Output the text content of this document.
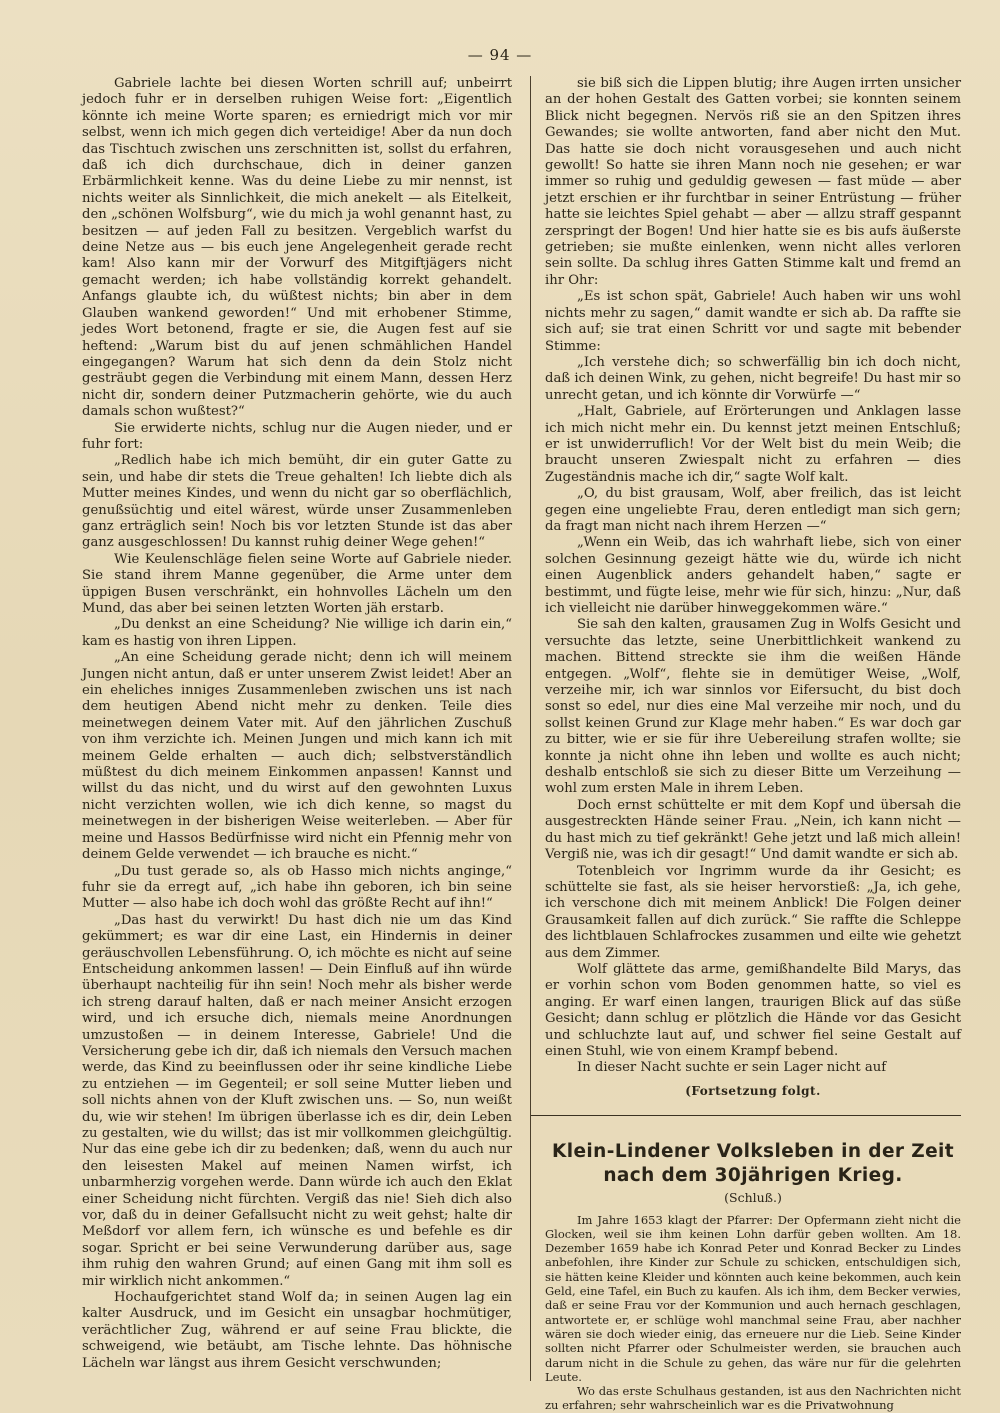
— 94 —

Gabriele lachte bei diesen Worten schrill auf; unbeirrt jedoch fuhr er in derselben ruhigen Weise fort: „Eigentlich könnte ich meine Worte sparen; es erniedrigt mich vor mir selbst, wenn ich mich gegen dich verteidige! Aber da nun doch das Tischtuch zwischen uns zerschnitten ist, sollst du erfahren, daß ich dich durchschaue, dich in deiner ganzen Erbärmlichkeit kenne. Was du deine Liebe zu mir nennst, ist nichts weiter als Sinnlichkeit, die mich anekelt — als Eitelkeit, den „schönen Wolfsburg“, wie du mich ja wohl genannt hast, zu besitzen — auf jeden Fall zu besitzen. Vergeblich warfst du deine Netze aus — bis euch jene Angelegenheit gerade recht kam! Also kann mir der Vorwurf des Mitgiftjägers nicht gemacht werden; ich habe vollständig korrekt gehandelt. Anfangs glaubte ich, du wüßtest nichts; bin aber in dem Glauben wankend geworden!“ Und mit erhobener Stimme, jedes Wort betonend, fragte er sie, die Augen fest auf sie heftend: „Warum bist du auf jenen schmählichen Handel eingegangen? Warum hat sich denn da dein Stolz nicht gesträubt gegen die Verbindung mit einem Mann, dessen Herz nicht dir, sondern deiner Putzmacherin gehörte, wie du auch damals schon wußtest?“

Sie erwiderte nichts, schlug nur die Augen nieder, und er fuhr fort:

„Redlich habe ich mich bemüht, dir ein guter Gatte zu sein, und habe dir stets die Treue gehalten! Ich liebte dich als Mutter meines Kindes, und wenn du nicht gar so oberflächlich, genußsüchtig und eitel wärest, würde unser Zusammenleben ganz erträglich sein! Noch bis vor letzten Stunde ist das aber ganz ausgeschlossen! Du kannst ruhig deiner Wege gehen!“

Wie Keulenschläge fielen seine Worte auf Gabriele nieder. Sie stand ihrem Manne gegenüber, die Arme unter dem üppigen Busen verschränkt, ein hohnvolles Lächeln um den Mund, das aber bei seinen letzten Worten jäh erstarb.

„Du denkst an eine Scheidung? Nie willige ich darin ein,“ kam es hastig von ihren Lippen.

„An eine Scheidung gerade nicht; denn ich will meinem Jungen nicht antun, daß er unter unserem Zwist leidet! Aber an ein eheliches inniges Zusammenleben zwischen uns ist nach dem heutigen Abend nicht mehr zu denken. Teile dies meinetwegen deinem Vater mit. Auf den jährlichen Zuschuß von ihm verzichte ich. Meinen Jungen und mich kann ich mit meinem Gelde erhalten — auch dich; selbstverständlich müßtest du dich meinem Einkommen anpassen! Kannst und willst du das nicht, und du wirst auf den gewohnten Luxus nicht verzichten wollen, wie ich dich kenne, so magst du meinetwegen in der bisherigen Weise weiterleben. — Aber für meine und Hassos Bedürfnisse wird nicht ein Pfennig mehr von deinem Gelde verwendet — ich brauche es nicht.“

„Du tust gerade so, als ob Hasso mich nichts anginge,“ fuhr sie da erregt auf, „ich habe ihn geboren, ich bin seine Mutter — also habe ich doch wohl das größte Recht auf ihn!“

„Das hast du verwirkt! Du hast dich nie um das Kind gekümmert; es war dir eine Last, ein Hindernis in deiner geräuschvollen Lebensführung. O, ich möchte es nicht auf seine Entscheidung ankommen lassen! — Dein Einfluß auf ihn würde überhaupt nachteilig für ihn sein! Noch mehr als bisher werde ich streng darauf halten, daß er nach meiner Ansicht erzogen wird, und ich ersuche dich, niemals meine Anordnungen umzustoßen — in deinem Interesse, Gabriele! Und die Versicherung gebe ich dir, daß ich niemals den Versuch machen werde, das Kind zu beeinflussen oder ihr seine kindliche Liebe zu entziehen — im Gegenteil; er soll seine Mutter lieben und soll nichts ahnen von der Kluft zwischen uns. — So, nun weißt du, wie wir stehen! Im übrigen überlasse ich es dir, dein Leben zu gestalten, wie du willst; das ist mir vollkommen gleichgültig. Nur das eine gebe ich dir zu bedenken; daß, wenn du auch nur den leisesten Makel auf meinen Namen wirfst, ich unbarmherzig vorgehen werde. Dann würde ich auch den Eklat einer Scheidung nicht fürchten. Vergiß das nie! Sieh dich also vor, daß du in deiner Gefallsucht nicht zu weit gehst; halte dir Meßdorf vor allem fern, ich wünsche es und befehle es dir sogar. Spricht er bei seine Verwunderung darüber aus, sage ihm ruhig den wahren Grund; auf einen Gang mit ihm soll es mir wirklich nicht ankommen.“

Hochaufgerichtet stand Wolf da; in seinen Augen lag ein kalter Ausdruck, und im Gesicht ein unsagbar hochmütiger, verächtlicher Zug, während er auf seine Frau blickte, die schweigend, wie betäubt, am Tische lehnte. Das höhnische Lächeln war längst aus ihrem Gesicht verschwunden;

sie biß sich die Lippen blutig; ihre Augen irrten unsicher an der hohen Gestalt des Gatten vorbei; sie konnten seinem Blick nicht begegnen. Nervös riß sie an den Spitzen ihres Gewandes; sie wollte antworten, fand aber nicht den Mut. Das hatte sie doch nicht vorausgesehen und auch nicht gewollt! So hatte sie ihren Mann noch nie gesehen; er war immer so ruhig und geduldig gewesen — fast müde — aber jetzt erschien er ihr furchtbar in seiner Entrüstung — früher hatte sie leichtes Spiel gehabt — aber — allzu straff gespannt zerspringt der Bogen! Und hier hatte sie es bis aufs äußerste getrieben; sie mußte einlenken, wenn nicht alles verloren sein sollte. Da schlug ihres Gatten Stimme kalt und fremd an ihr Ohr:

„Es ist schon spät, Gabriele! Auch haben wir uns wohl nichts mehr zu sagen,“ damit wandte er sich ab. Da raffte sie sich auf; sie trat einen Schritt vor und sagte mit bebender Stimme:

„Ich verstehe dich; so schwerfällig bin ich doch nicht, daß ich deinen Wink, zu gehen, nicht begreife! Du hast mir so unrecht getan, und ich könnte dir Vorwürfe —“

„Halt, Gabriele, auf Erörterungen und Anklagen lasse ich mich nicht mehr ein. Du kennst jetzt meinen Entschluß; er ist unwiderruflich! Vor der Welt bist du mein Weib; die braucht unseren Zwiespalt nicht zu erfahren — dies Zugeständnis mache ich dir,“ sagte Wolf kalt.

„O, du bist grausam, Wolf, aber freilich, das ist leicht gegen eine ungeliebte Frau, deren entledigt man sich gern; da fragt man nicht nach ihrem Herzen —“

„Wenn ein Weib, das ich wahrhaft liebe, sich von einer solchen Gesinnung gezeigt hätte wie du, würde ich nicht einen Augenblick anders gehandelt haben,“ sagte er bestimmt, und fügte leise, mehr wie für sich, hinzu: „Nur, daß ich vielleicht nie darüber hinweggekommen wäre.“

Sie sah den kalten, grausamen Zug in Wolfs Gesicht und versuchte das letzte, seine Unerbittlichkeit wankend zu machen. Bittend streckte sie ihm die weißen Hände entgegen. „Wolf“, flehte sie in demütiger Weise, „Wolf, verzeihe mir, ich war sinnlos vor Eifersucht, du bist doch sonst so edel, nur dies eine Mal verzeihe mir noch, und du sollst keinen Grund zur Klage mehr haben.“ Es war doch gar zu bitter, wie er sie für ihre Uebereilung strafen wollte; sie konnte ja nicht ohne ihn leben und wollte es auch nicht; deshalb entschloß sie sich zu dieser Bitte um Verzeihung — wohl zum ersten Male in ihrem Leben.

Doch ernst schüttelte er mit dem Kopf und übersah die ausgestreckten Hände seiner Frau. „Nein, ich kann nicht — du hast mich zu tief gekränkt! Gehe jetzt und laß mich allein! Vergiß nie, was ich dir gesagt!“ Und damit wandte er sich ab.

Totenbleich vor Ingrimm wurde da ihr Gesicht; es schüttelte sie fast, als sie heiser hervorstieß: „Ja, ich gehe, ich verschone dich mit meinem Anblick! Die Folgen deiner Grausamkeit fallen auf dich zurück.“ Sie raffte die Schleppe des lichtblauen Schlafrockes zusammen und eilte wie gehetzt aus dem Zimmer.

Wolf glättete das arme, gemißhandelte Bild Marys, das er vorhin schon vom Boden genommen hatte, so viel es anging. Er warf einen langen, traurigen Blick auf das süße Gesicht; dann schlug er plötzlich die Hände vor das Gesicht und schluchzte laut auf, und schwer fiel seine Gestalt auf einen Stuhl, wie von einem Krampf bebend.

In dieser Nacht suchte er sein Lager nicht auf

(Fortsetzung folgt.
Klein-Lindener Volksleben in der Zeit
nach dem 30jährigen Krieg.
(Schluß.)

Im Jahre 1653 klagt der Pfarrer: Der Opfermann zieht nicht die Glocken, weil sie ihm keinen Lohn darfür geben wollten. Am 18. Dezember 1659 habe ich Konrad Peter und Konrad Becker zu Lindes anbefohlen, ihre Kinder zur Schule zu schicken, entschuldigen sich, sie hätten keine Kleider und könnten auch keine bekommen, auch kein Geld, eine Tafel, ein Buch zu kaufen. Als ich ihm, dem Becker verwies, daß er seine Frau vor der Kommunion und auch hernach geschlagen, antwortete er, er schlüge wohl manchmal seine Frau, aber nachher wären sie doch wieder einig, das erneuere nur die Lieb. Seine Kinder sollten nicht Pfarrer oder Schulmeister werden, sie brauchen auch darum nicht in die Schule zu gehen, das wäre nur für die gelehrten Leute.

Wo das erste Schulhaus gestanden, ist aus den Nachrichten nicht zu erfahren; sehr wahrscheinlich war es die Privatwohnung
